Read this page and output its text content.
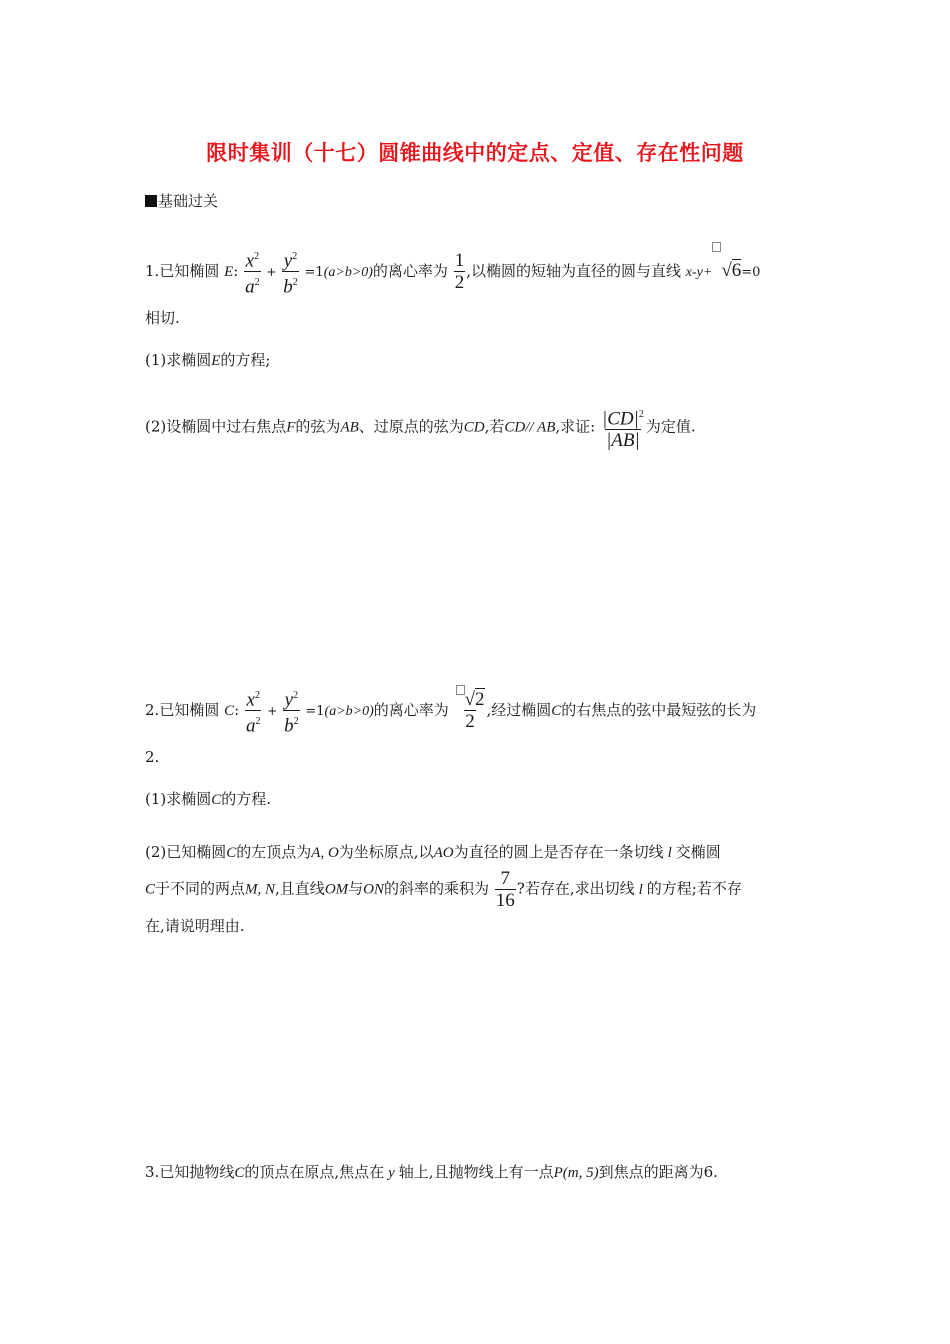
限时集训（十七）圆锥曲线中的定点、定值、存在性问题
基础过关
1.已知椭圆 E: $\frac{x^2}{a^2} + \frac{y^2}{b^2} =1(a>b>0)$的离心率为 $\frac{1}{2}$ ,以椭圆的短轴为直径的圆与直线 x-y+ √6=0
相切.
(1)求椭圆E的方程;
(2)设椭圆中过右焦点F的弦为AB、过原点的弦为CD,若CD// AB,求证: $\frac{|CD|^2}{|AB|}$ 为定值.
2.已知椭圆 C: $\frac{x^2}{a^2} + \frac{y^2}{b^2} =1(a>b>0)$的离心率为 $\frac{√2}{2}$ ,经过椭圆C的右焦点的弦中最短弦的长为
2.
(1)求椭圆C的方程.
(2)已知椭圆C的左顶点为A, O为坐标原点,以AO为直径的圆上是否存在一条切线 l 交椭圆
C于不同的两点M, N,且直线OM与ON的斜率的乘积为 $\frac{7}{16}$ ?若存在,求出切线 l 的方程;若不存
在,请说明理由.
3.已知抛物线C的顶点在原点,焦点在 y 轴上,且抛物线上有一点P(m, 5)到焦点的距离为6.
